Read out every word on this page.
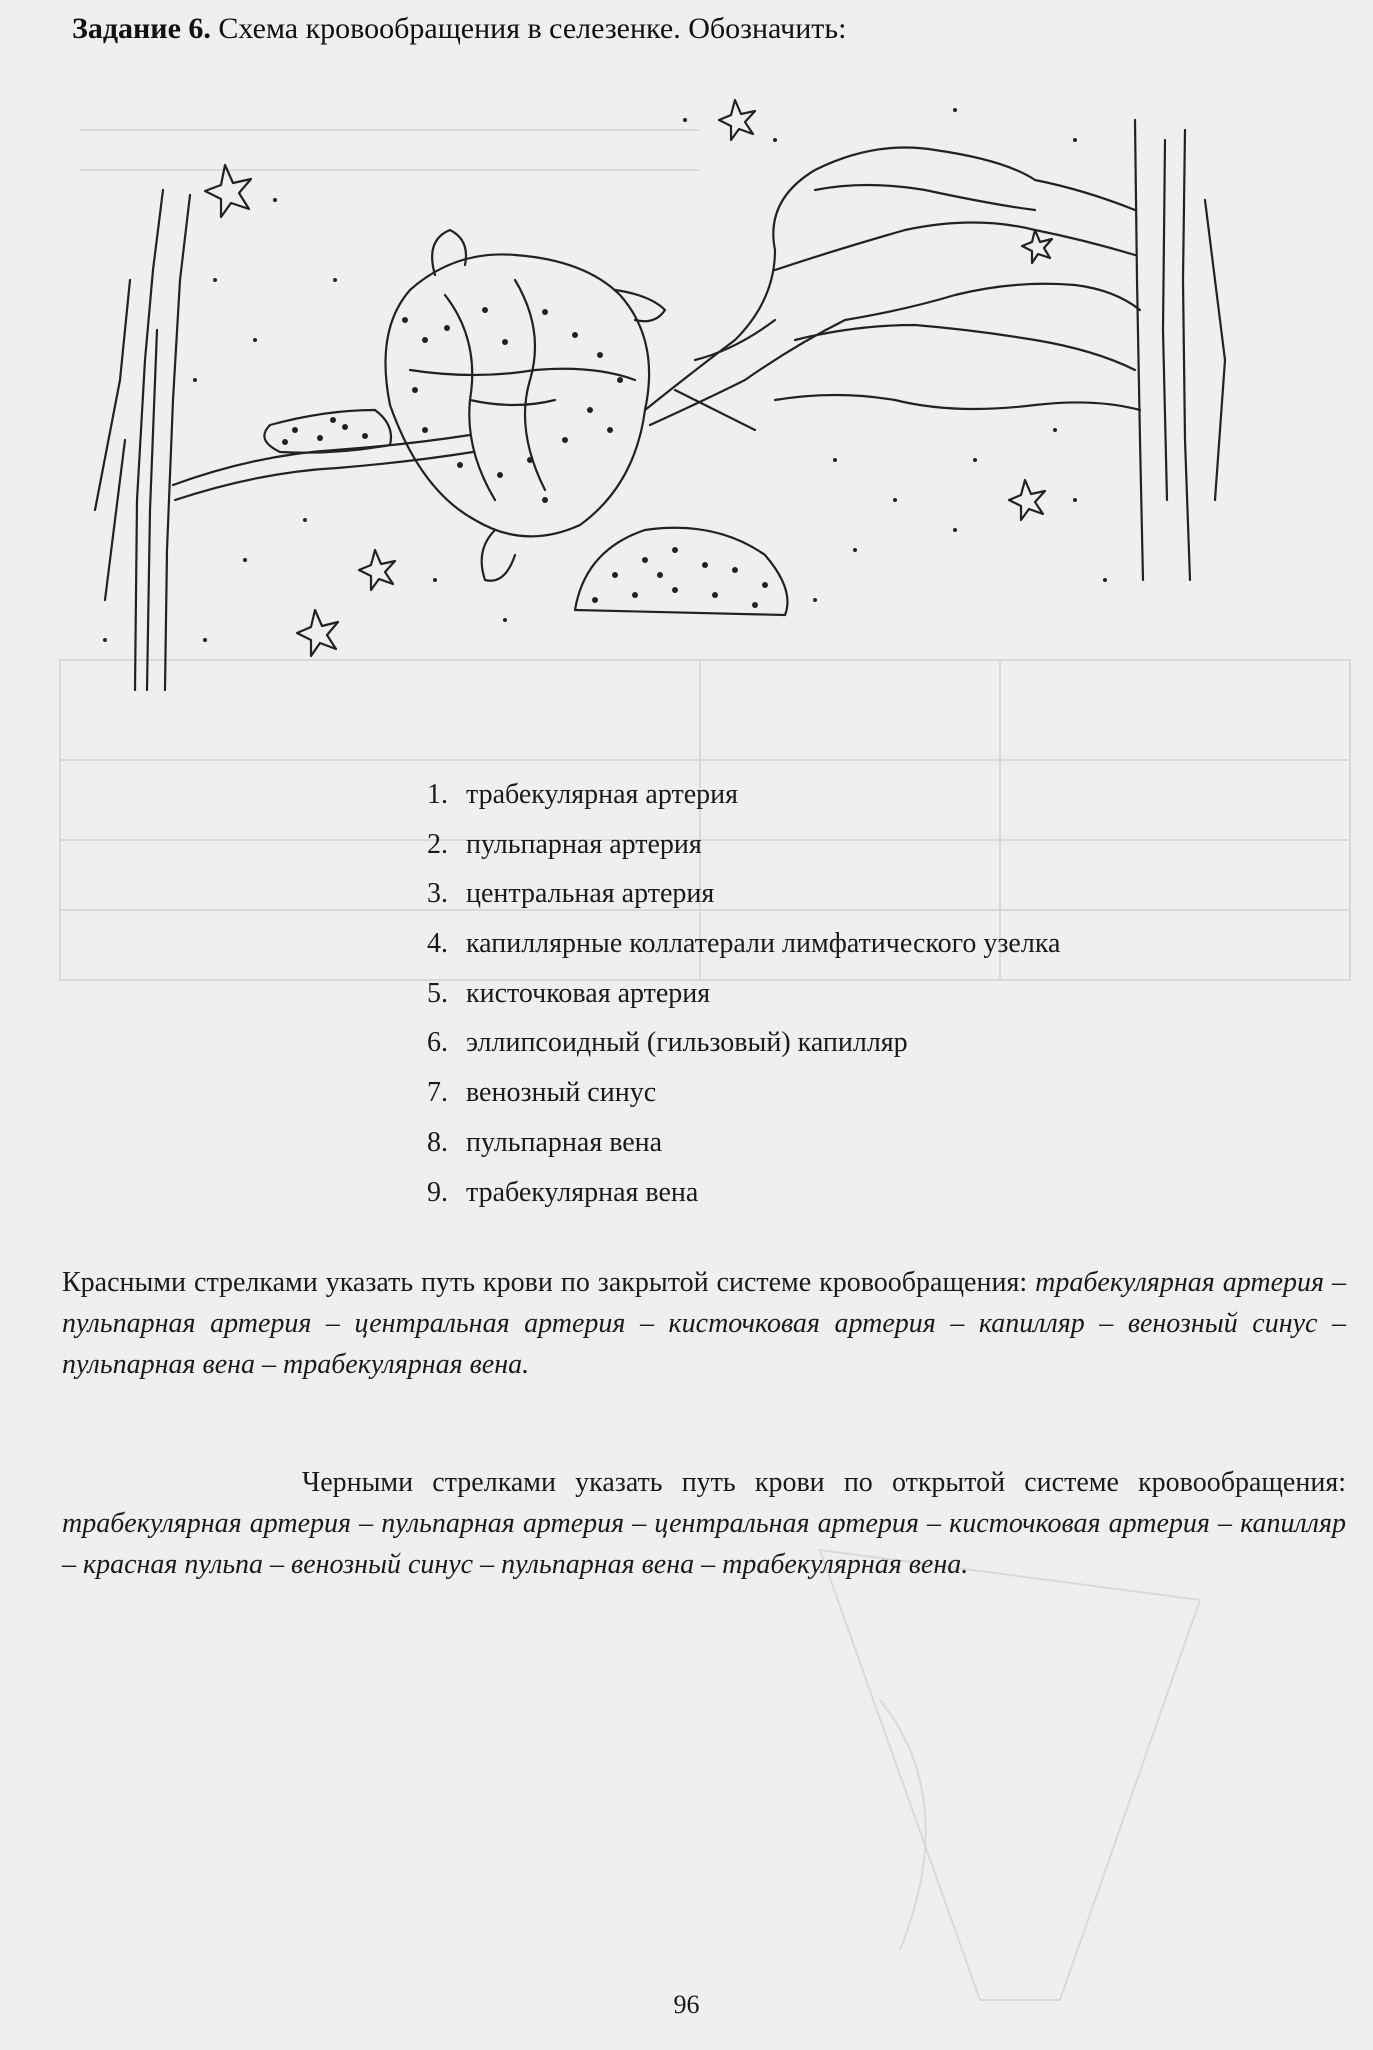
Задание 6. Схема кровообращения в селезенке. Обозначить:
1. трабекулярная артерия
2. пульпарная артерия
3. центральная артерия
4. капиллярные коллатерали лимфатического узелка
5. кисточковая артерия
6. эллипсоидный (гильзовый) капилляр
7. венозный синус
8. пульпарная вена
9. трабекулярная вена

Красными стрелками указать путь крови по закрытой системе кровообращения: трабекулярная артерия – пульпарная артерия – центральная артерия – кисточковая артерия – капилляр – венозный синус – пульпарная вена – трабекулярная вена.

Черными стрелками указать путь крови по открытой системе кровообращения: трабекулярная артерия – пульпарная артерия – центральная артерия – кисточковая артерия – капилляр – красная пульпа – венозный синус – пульпарная вена – трабекулярная вена.

96
